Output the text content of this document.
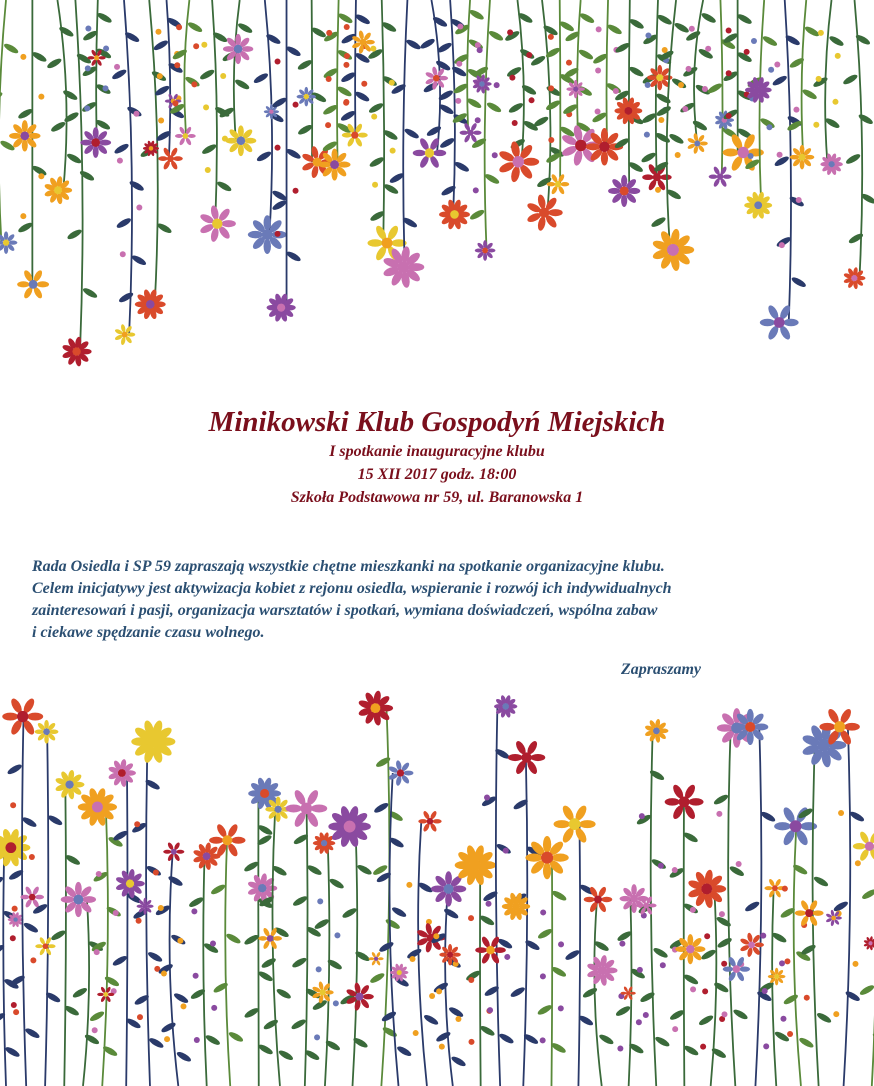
Minikowski Klub Gospodyń Miejskich

I spotkanie inauguracyjne klubu

15 XII 2017 godz. 18:00

Szkoła Podstawowa nr 59, ul. Baranowska 1

Rada Osiedla i SP 59 zapraszają wszystkie chętne mieszkanki na spotkanie organizacyjne klubu.

Celem inicjatywy jest aktywizacja kobiet z rejonu osiedla, wspieranie i rozwój ich indywidualnych

zainteresowań i pasji, organizacja warsztatów i spotkań, wymiana doświadczeń, wspólna zabaw

i ciekawe spędzanie czasu wolnego.

Zapraszamy
